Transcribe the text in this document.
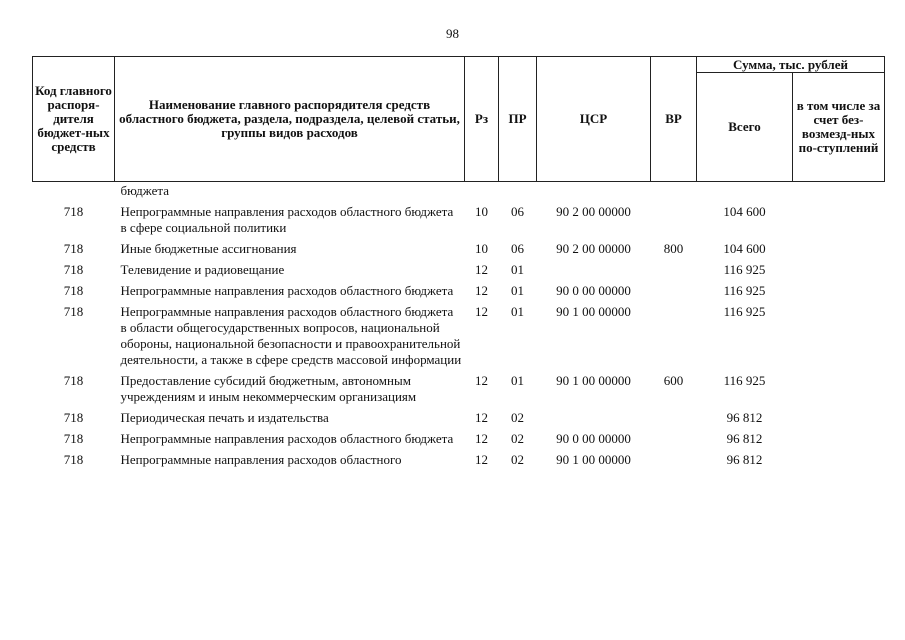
98
Код главного распоря-дителя бюджет-ных средств	Наименование главного распорядителя средств областного бюджета, раздела, подраздела, целевой статьи, группы видов расходов	Рз	ПР	ЦСР	ВР	Сумма, тыс. рублей	
						Всего	в том числе за счет без-возмезд-ных по-ступлений
	бюджета						
718	Непрограммные направления расходов областного бюджета в сфере социальной политики	10	06	90 2 00 00000		104 600	
718	Иные бюджетные ассигнования	10	06	90 2 00 00000	800	104 600	
718	Телевидение и радиовещание	12	01			116 925	
718	Непрограммные направления расходов областного бюджета	12	01	90 0 00 00000		116 925	
718	Непрограммные направления расходов областного бюджета в области общегосударственных вопросов, национальной обороны, национальной безопасности и правоохранительной деятельности, а также в сфере средств массовой информации	12	01	90 1 00 00000		116 925	
718	Предоставление субсидий бюджетным, автономным учреждениям и иным некоммерческим организациям	12	01	90 1 00 00000	600	116 925	
718	Периодическая печать и издательства	12	02			96 812	
718	Непрограммные направления расходов областного бюджета	12	02	90 0 00 00000		96 812	
718	Непрограммные направления расходов областного	12	02	90 1 00 00000		96 812	
